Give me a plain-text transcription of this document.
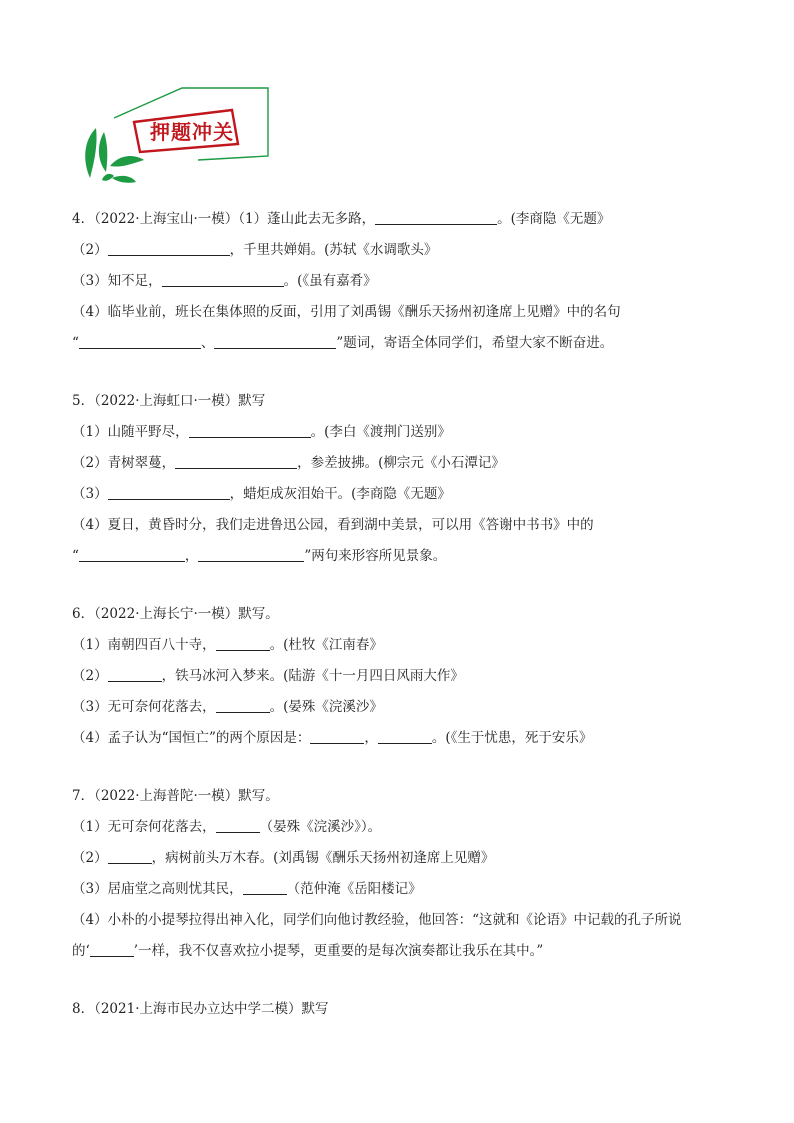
押题冲关
4．（2022·上海宝山·一模）（1）蓬山此去无多路，	。(李商隐《无题》
（2）	，千里共婵娟。(苏轼《水调歌头》
（3）知不足，	。(《虽有嘉肴》
（4）临毕业前，班长在集体照的反面，引用了刘禹锡《酬乐天扬州初逢席上见赠》中的名句
“	、	”题词，寄语全体同学们，希望大家不断奋进。
5．（2022·上海虹口·一模）默写
（1）山随平野尽，	。(李白《渡荆门送别》
（2）青树翠蔓，	，参差披拂。(柳宗元《小石潭记》
（3）	，蜡炬成灰泪始干。(李商隐《无题》
（4）夏日，黄昏时分，我们走进鲁迅公园，看到湖中美景，可以用《答谢中书书》中的
“	，	”两句来形容所见景象。
6．（2022·上海长宁·一模）默写。
（1）南朝四百八十寺，	。(杜牧《江南春》
（2）	，铁马冰河入梦来。(陆游《十一月四日风雨大作》
（3）无可奈何花落去，	。(晏殊《浣溪沙》
（4）孟子认为“国恒亡”的两个原因是：	，	。(《生于忧患，死于安乐》
7．（2022·上海普陀·一模）默写。
（1）无可奈何花落去，	（晏殊《浣溪沙》）。
（2）	，病树前头万木春。(刘禹锡《酬乐天扬州初逢席上见赠》
（3）居庙堂之高则忧其民，	（范仲淹《岳阳楼记》
（4）小朴的小提琴拉得出神入化，同学们向他讨教经验，他回答：“这就和《论语》中记载的孔子所说
的‘	’一样，我不仅喜欢拉小提琴，更重要的是每次演奏都让我乐在其中。”
8．（2021·上海市民办立达中学二模）默写
